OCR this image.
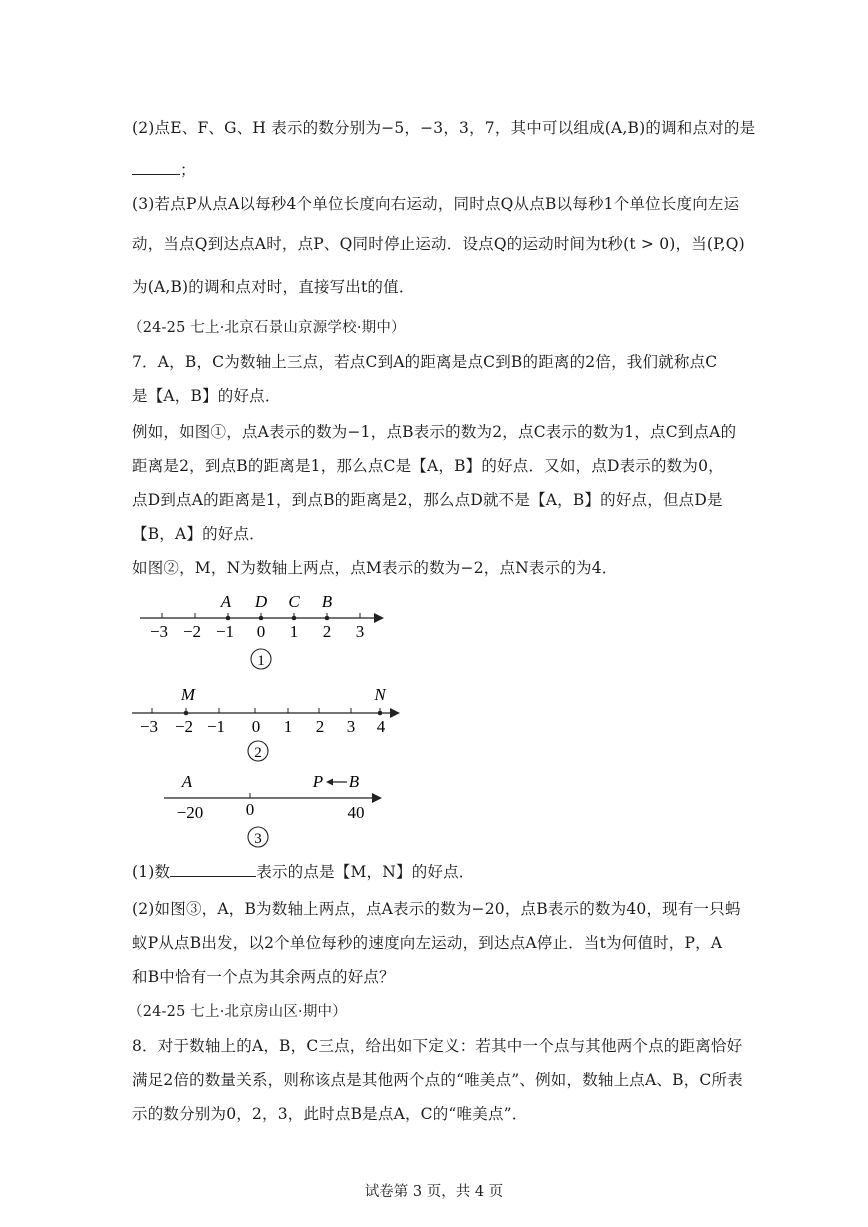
(2)点E、F、G、H 表示的数分别为−5，−3，3，7，其中可以组成(A,B)的调和点对的是
；
(3)若点P从点A以每秒4个单位长度向右运动，同时点Q从点B以每秒1个单位长度向左运
动，当点Q到达点A时，点P、Q同时停止运动．设点Q的运动时间为t秒(t > 0)，当(P,Q)
为(A,B)的调和点对时，直接写出t的值．
（24-25 七上·北京石景山京源学校·期中）
7．A，B，C为数轴上三点，若点C到A的距离是点C到B的距离的2倍，我们就称点C
是【A，B】的好点．
例如，如图①，点A表示的数为−1，点B表示的数为2，点C表示的数为1，点C到点A的
距离是2，到点B的距离是1，那么点C是【A，B】的好点．又如，点D表示的数为0，
点D到点A的距离是1，到点B的距离是2，那么点D就不是【A，B】的好点，但点D是
【B，A】的好点．
如图②，M，N为数轴上两点，点M表示的数为−2，点N表示的为4．
−3 −2 −1 0 1 2 3
A D C B
1
−3 −2 −1 0 1 2 3 4
M	N
2
A	P B
−20 0	40
3
(1)数	表示的点是【M，N】的好点．
(2)如图③，A，B为数轴上两点，点A表示的数为−20，点B表示的数为40，现有一只蚂
蚁P从点B出发，以2个单位每秒的速度向左运动，到达点A停止．当t为何值时，P，A
和B中恰有一个点为其余两点的好点？
（24-25 七上·北京房山区·期中）
8．对于数轴上的A，B，C三点，给出如下定义：若其中一个点与其他两个点的距离恰好
满足2倍的数量关系，则称该点是其他两个点的“唯美点”、例如，数轴上点A、B，C所表
示的数分别为0，2，3，此时点B是点A，C的“唯美点”．
试卷第 3 页，共 4 页
